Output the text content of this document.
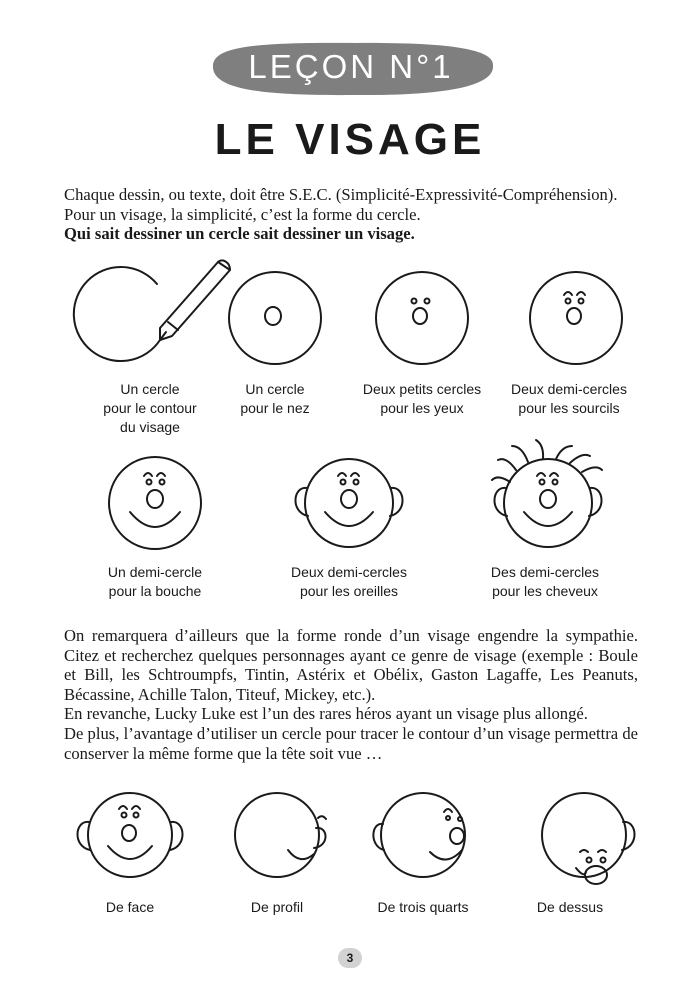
LEÇON N°1
LE VISAGE
Chaque dessin, ou texte, doit être S.E.C. (Simplicité-Expressivité-Compréhension).
Pour un visage, la simplicité, c’est la forme du cercle.
Qui sait dessiner un cercle sait dessiner un visage.
Un cercle
pour le contour
du visage
Un cercle
pour le nez
Deux petits cercles
pour les yeux
Deux demi-cercles
pour les sourcils
Un demi-cercle
pour la bouche
Deux demi-cercles
pour les oreilles
Des demi-cercles
pour les cheveux
On remarquera d’ailleurs que la forme ronde d’un visage engendre la sympathie. Citez et recherchez quelques personnages ayant ce genre de visage (exemple : Boule et Bill, les Schtroumpfs, Tintin, Astérix et Obélix, Gaston Lagaffe, Les Peanuts, Bécassine, Achille Talon, Titeuf, Mickey, etc.).
En revanche, Lucky Luke est l’un des rares héros ayant un visage plus allongé.
De plus, l’avantage d’utiliser un cercle pour tracer le contour d’un visage permettra de conserver la même forme que la tête soit vue …
De face	De profil	De trois quarts	De dessus
3
